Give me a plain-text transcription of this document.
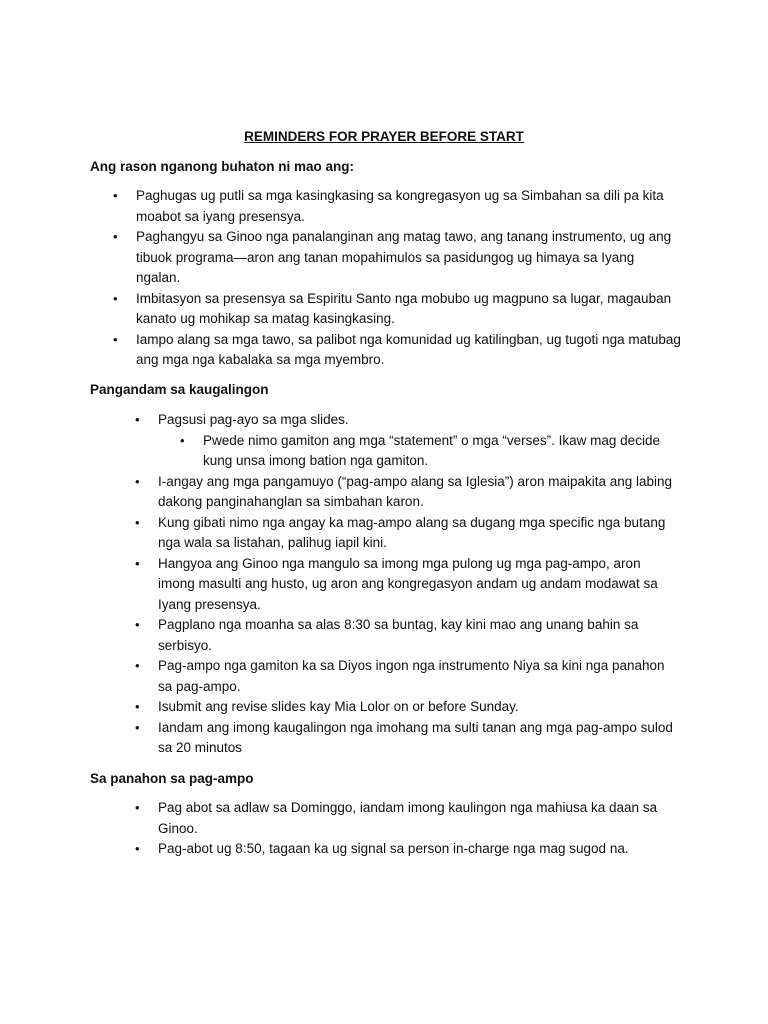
REMINDERS FOR PRAYER BEFORE START
Ang rason nganong buhaton ni mao ang:
• Paghugas ug putli sa mga kasingkasing sa kongregasyon ug sa Simbahan sa dili pa kita moabot sa iyang presensya.
• Paghangyu sa Ginoo nga panalanginan ang matag tawo, ang tanang instrumento, ug ang tibuok programa—aron ang tanan mopahimulos sa pasidungog ug himaya sa Iyang ngalan.
• Imbitasyon sa presensya sa Espiritu Santo nga mobubo ug magpuno sa lugar, magauban kanato ug mohikap sa matag kasingkasing.
• Iampo alang sa mga tawo, sa palibot nga komunidad ug katilingban, ug tugoti nga matubag ang mga nga kabalaka sa mga myembro.
Pangandam sa kaugalingon
• Pagsusi pag-ayo sa mga slides.
• Pwede nimo gamiton ang mga “statement” o mga “verses”. Ikaw mag decide kung unsa imong bation nga gamiton.
• I-angay ang mga pangamuyo (“pag-ampo alang sa Iglesia”) aron maipakita ang labing dakong panginahanglan sa simbahan karon.
• Kung gibati nimo nga angay ka mag-ampo alang sa dugang mga specific nga butang nga wala sa listahan, palihug iapil kini.
• Hangyoa ang Ginoo nga mangulo sa imong mga pulong ug mga pag-ampo, aron imong masulti ang husto, ug aron ang kongregasyon andam ug andam modawat sa Iyang presensya.
• Pagplano nga moanha sa alas 8:30 sa buntag, kay kini mao ang unang bahin sa serbisyo.
• Pag-ampo nga gamiton ka sa Diyos ingon nga instrumento Niya sa kini nga panahon sa pag-ampo.
• Isubmit ang revise slides kay Mia Lolor on or before Sunday.
• Iandam ang imong kaugalingon nga imohang ma sulti tanan ang mga pag-ampo sulod sa 20 minutos
Sa panahon sa pag-ampo
• Pag abot sa adlaw sa Dominggo, iandam imong kaulingon nga mahiusa ka daan sa Ginoo.
• Pag-abot ug 8:50, tagaan ka ug signal sa person in-charge nga mag sugod na.
